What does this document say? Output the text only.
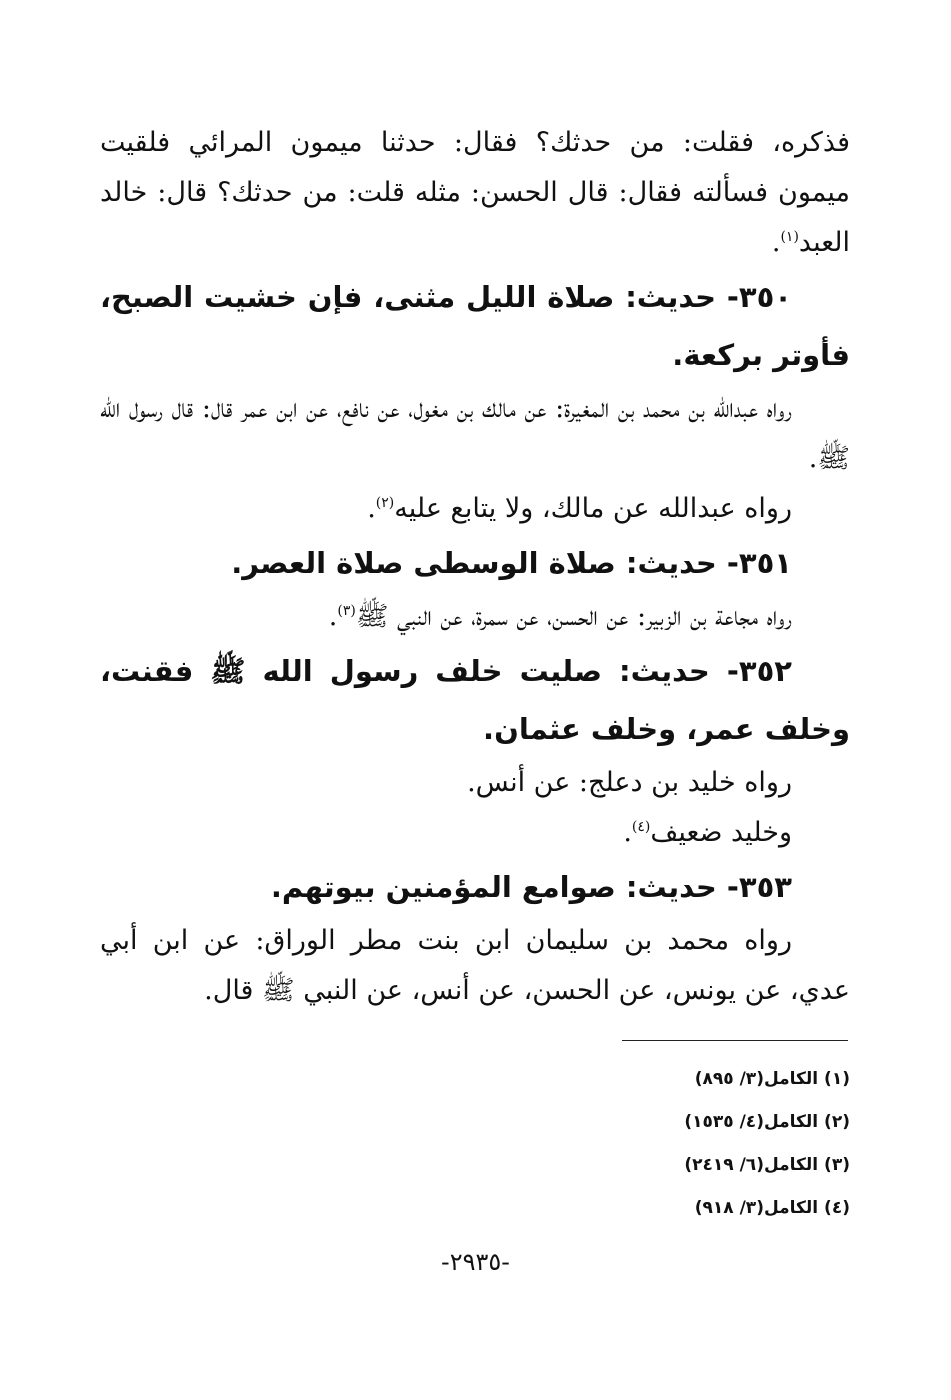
فذكره، فقلت: من حدثك؟ فقال: حدثنا ميمون المرائي فلقيت ميمون فسألته فقال: قال الحسن: مثله قلت: من حدثك؟ قال: خالد العبد$^{(١)}$.

٣٥٠- حديث: صلاة الليل مثنى، فإن خشيت الصبح، فأوتر بركعة.

رواه عبدالله بن محمد بن المغيرة: عن مالك بن مغول، عن نافع، عن ابن عمر قال: قال رسول الله ﷺ.

رواه عبدالله عن مالك، ولا يتابع عليه$^{(٢)}$.

٣٥١- حديث: صلاة الوسطى صلاة العصر.

رواه مجاعة بن الزبير: عن الحسن، عن سمرة، عن النبي ﷺ$^{(٣)}$.

٣٥٢- حديث: صليت خلف رسول الله ﷺ فقنت، وخلف عمر، وخلف عثمان.

رواه خليد بن دعلج: عن أنس.

وخليد ضعيف$^{(٤)}$.

٣٥٣- حديث: صوامع المؤمنين بيوتهم.

رواه محمد بن سليمان ابن بنت مطر الوراق: عن ابن أبي عدي، عن يونس، عن الحسن، عن أنس، عن النبي ﷺ قال.

(١) الكامل(٣/ ٨٩٥)

(٢) الكامل(٤/ ١٥٣٥)

(٣) الكامل(٦/ ٢٤١٩)

(٤) الكامل(٣/ ٩١٨)

-٢٩٣٥-
